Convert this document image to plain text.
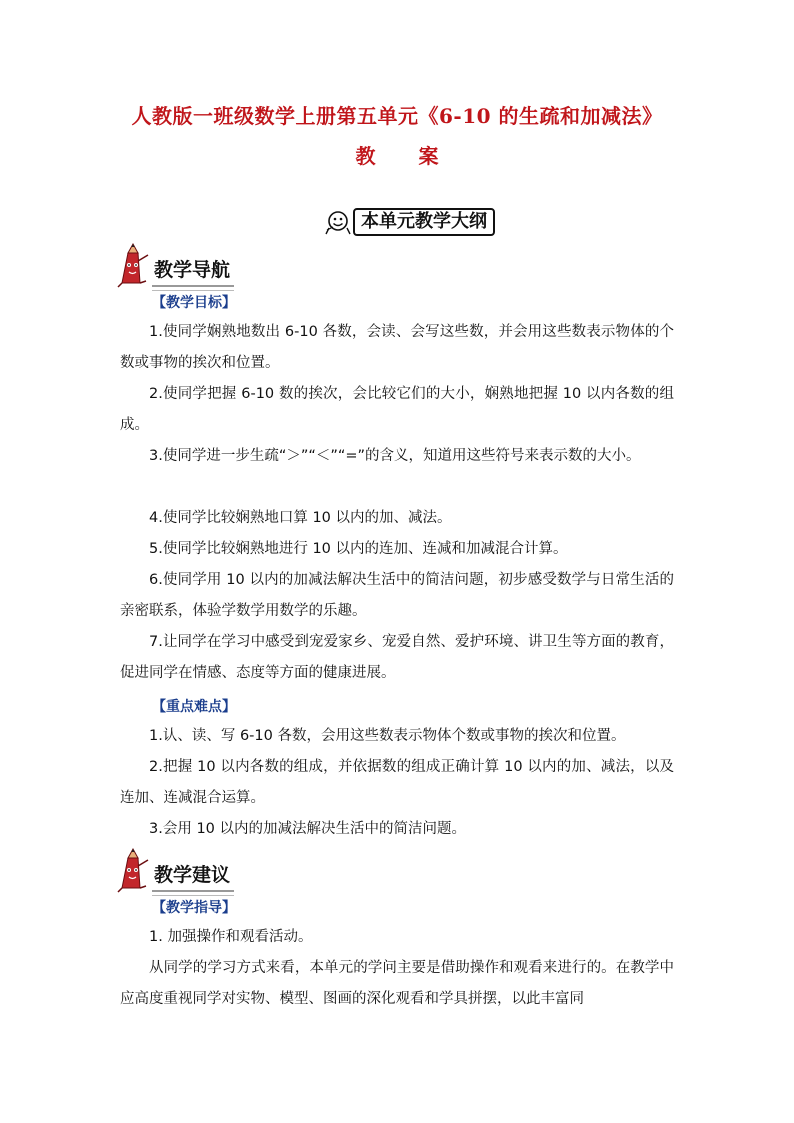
人教版一班级数学上册第五单元《6-10 的生疏和加减法》
教 案
本单元教学大纲
教学导航
【教学目标】
1.使同学娴熟地数出 6-10 各数，会读、会写这些数，并会用这些数表示物体的个数或事物的挨次和位置。
2.使同学把握 6-10 数的挨次，会比较它们的大小，娴熟地把握 10 以内各数的组成。
3.使同学进一步生疏“＞”“＜”“=”的含义，知道用这些符号来表示数的大小。
4.使同学比较娴熟地口算 10 以内的加、减法。
5.使同学比较娴熟地进行 10 以内的连加、连减和加减混合计算。
6.使同学用 10 以内的加减法解决生活中的简洁问题，初步感受数学与日常生活的亲密联系，体验学数学用数学的乐趣。
7.让同学在学习中感受到宠爱家乡、宠爱自然、爱护环境、讲卫生等方面的教育，促进同学在情感、态度等方面的健康进展。
【重点难点】
1.认、读、写 6-10 各数，会用这些数表示物体个数或事物的挨次和位置。
2.把握 10 以内各数的组成，并依据数的组成正确计算 10 以内的加、减法，以及连加、连减混合运算。
3.会用 10 以内的加减法解决生活中的简洁问题。
教学建议
【教学指导】
1. 加强操作和观看活动。
从同学的学习方式来看，本单元的学问主要是借助操作和观看来进行的。在教学中应高度重视同学对实物、模型、图画的深化观看和学具拼摆，以此丰富同
